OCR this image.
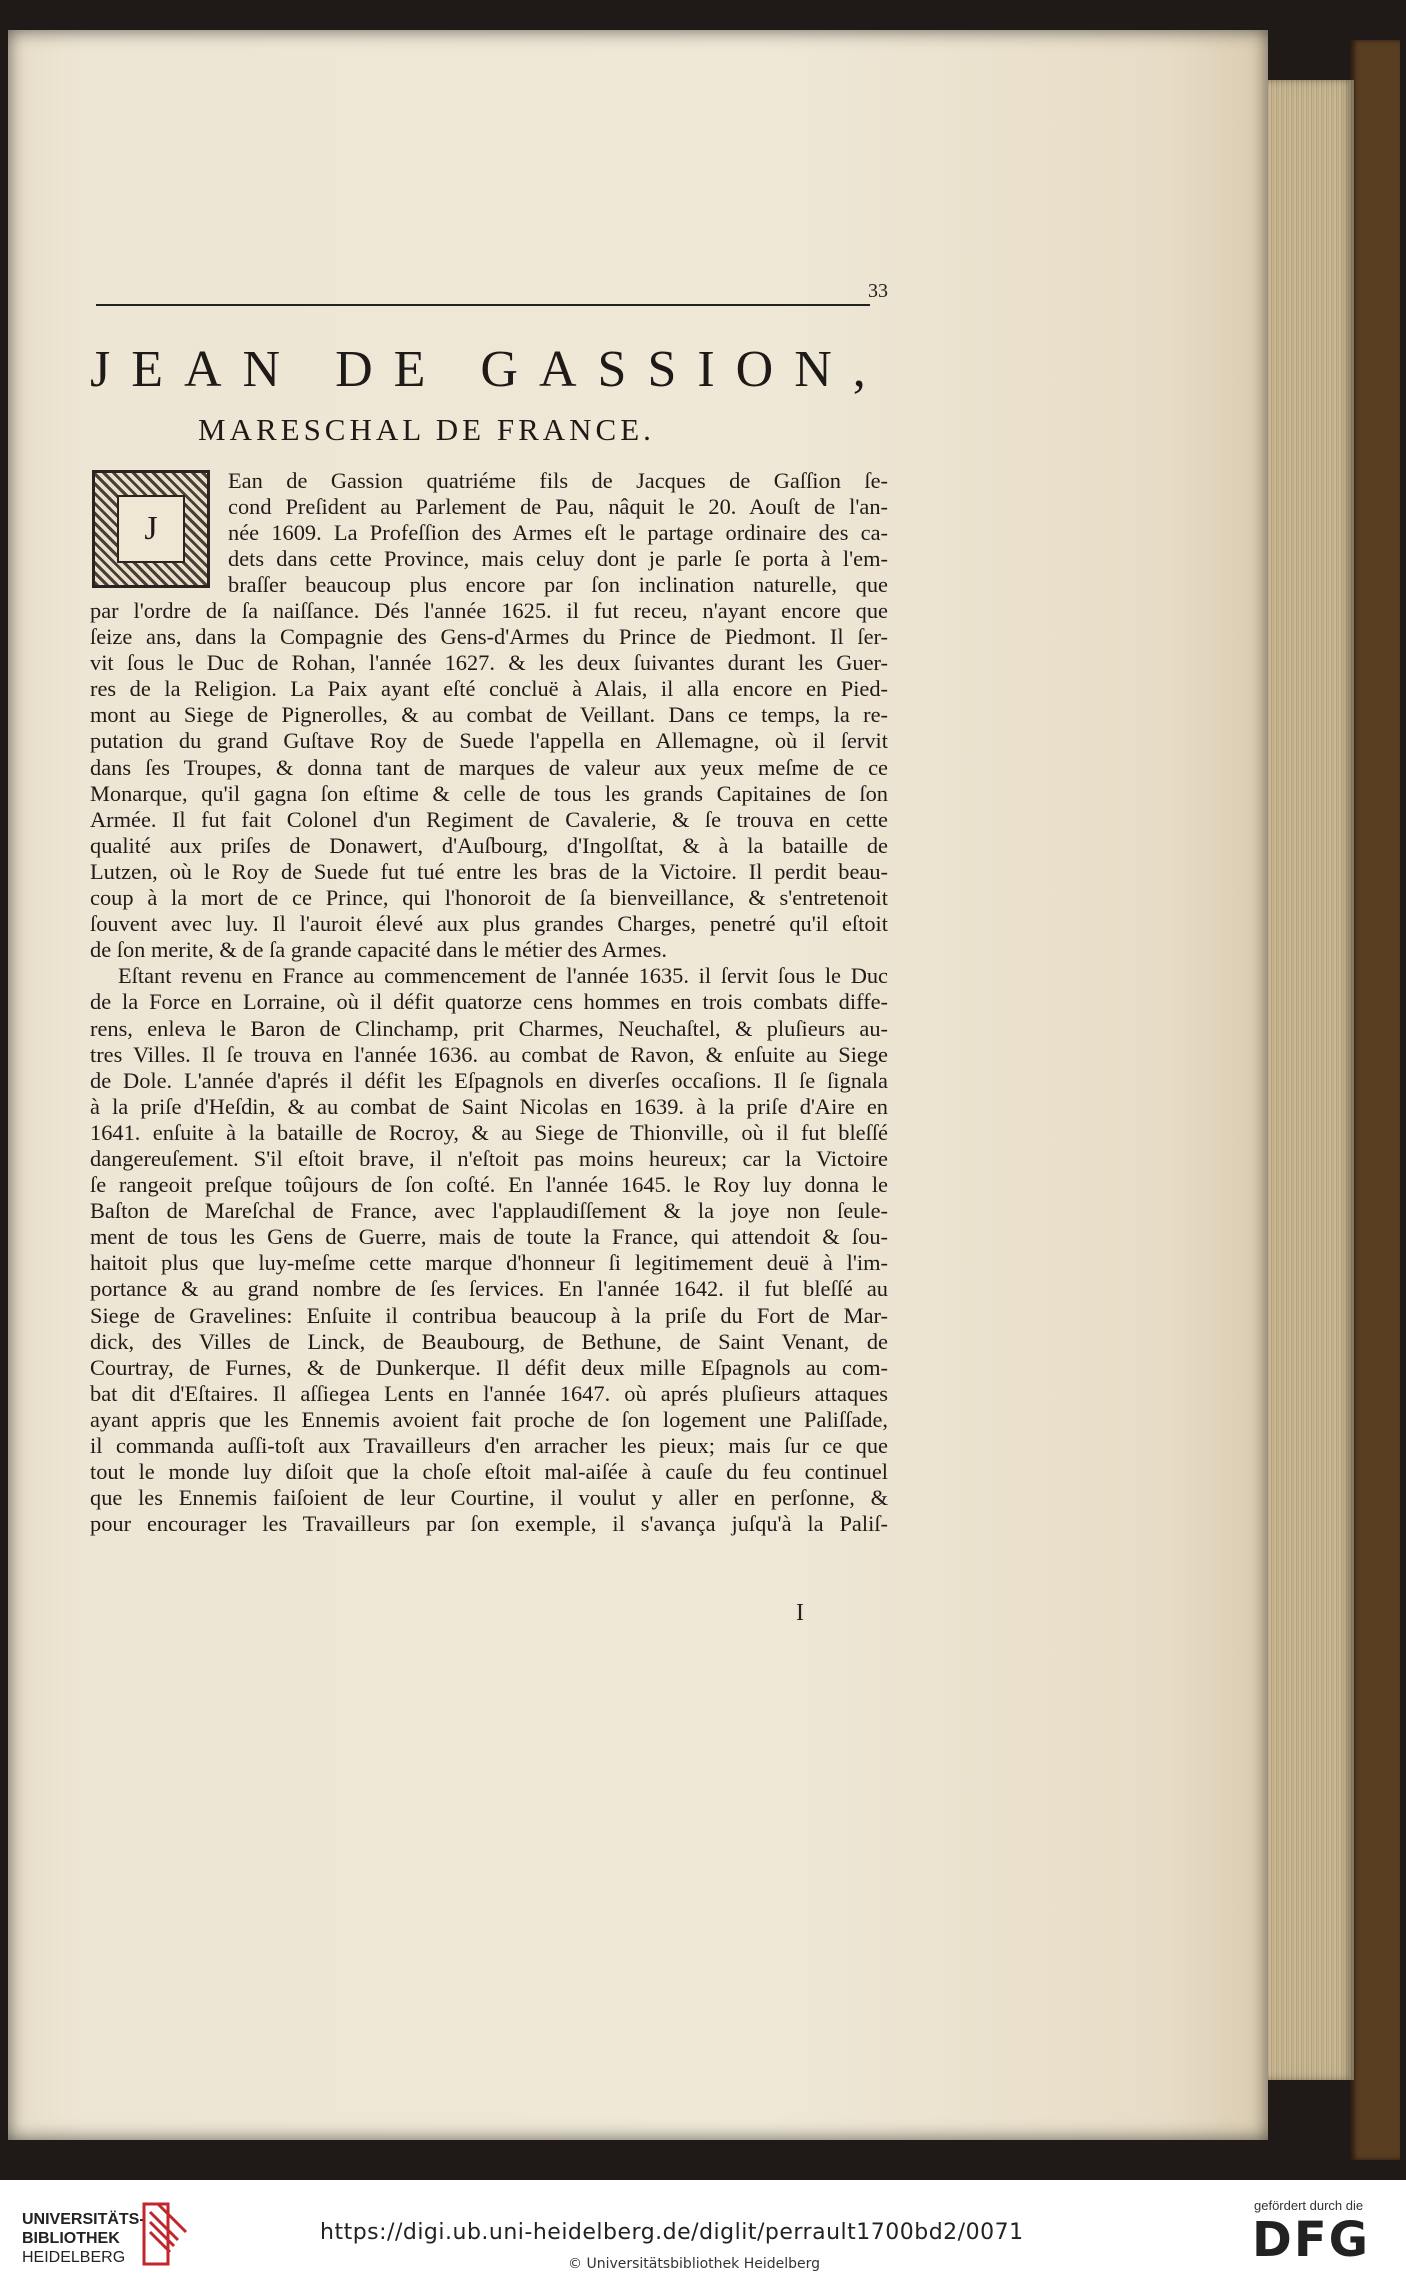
33
JEAN DE GASSION,
MARESCHAL DE FRANCE.
J
Ean de Gassion quatriéme fils de Jacques de Gaſſion ſe-
cond Preſident au Parlement de Pau, nâquit le 20. Aouſt de l'an-
née 1609. La Profeſſion des Armes eſt le partage ordinaire des ca-
dets dans cette Province, mais celuy dont je parle ſe porta à l'em-
braſſer beaucoup plus encore par ſon inclination naturelle, que
par l'ordre de ſa naiſſance. Dés l'année 1625. il fut receu, n'ayant encore que
ſeize ans, dans la Compagnie des Gens-d'Armes du Prince de Piedmont. Il ſer-
vit ſous le Duc de Rohan, l'année 1627. & les deux ſuivantes durant les Guer-
res de la Religion. La Paix ayant eſté concluë à Alais, il alla encore en Pied-
mont au Siege de Pignerolles, & au combat de Veillant. Dans ce temps, la re-
putation du grand Guſtave Roy de Suede l'appella en Allemagne, où il ſervit
dans ſes Troupes, & donna tant de marques de valeur aux yeux meſme de ce
Monarque, qu'il gagna ſon eſtime & celle de tous les grands Capitaines de ſon
Armée. Il fut fait Colonel d'un Regiment de Cavalerie, & ſe trouva en cette
qualité aux priſes de Donawert, d'Auſbourg, d'Ingolſtat, & à la bataille de
Lutzen, où le Roy de Suede fut tué entre les bras de la Victoire. Il perdit beau-
coup à la mort de ce Prince, qui l'honoroit de ſa bienveillance, & s'entretenoit
ſouvent avec luy. Il l'auroit élevé aux plus grandes Charges, penetré qu'il eſtoit
de ſon merite, & de ſa grande capacité dans le métier des Armes.
Eſtant revenu en France au commencement de l'année 1635. il ſervit ſous le Duc
de la Force en Lorraine, où il défit quatorze cens hommes en trois combats diffe-
rens, enleva le Baron de Clinchamp, prit Charmes, Neuchaſtel, & pluſieurs au-
tres Villes. Il ſe trouva en l'année 1636. au combat de Ravon, & enſuite au Siege
de Dole. L'année d'aprés il défit les Eſpagnols en diverſes occaſions. Il ſe ſignala
à la priſe d'Heſdin, & au combat de Saint Nicolas en 1639. à la priſe d'Aire en
1641. enſuite à la bataille de Rocroy, & au Siege de Thionville, où il fut bleſſé
dangereuſement. S'il eſtoit brave, il n'eſtoit pas moins heureux; car la Victoire
ſe rangeoit preſque toûjours de ſon coſté. En l'année 1645. le Roy luy donna le
Baſton de Mareſchal de France, avec l'applaudiſſement & la joye non ſeule-
ment de tous les Gens de Guerre, mais de toute la France, qui attendoit & ſou-
haitoit plus que luy-meſme cette marque d'honneur ſi legitimement deuë à l'im-
portance & au grand nombre de ſes ſervices. En l'année 1642. il fut bleſſé au
Siege de Gravelines: Enſuite il contribua beaucoup à la priſe du Fort de Mar-
dick, des Villes de Linck, de Beaubourg, de Bethune, de Saint Venant, de
Courtray, de Furnes, & de Dunkerque. Il défit deux mille Eſpagnols au com-
bat dit d'Eſtaires. Il aſſiegea Lents en l'année 1647. où aprés pluſieurs attaques
ayant appris que les Ennemis avoient fait proche de ſon logement une Paliſſade,
il commanda auſſi-toſt aux Travailleurs d'en arracher les pieux; mais ſur ce que
tout le monde luy diſoit que la choſe eſtoit mal-aiſée à cauſe du feu continuel
que les Ennemis faiſoient de leur Courtine, il voulut y aller en perſonne, &
pour encourager les Travailleurs par ſon exemple, il s'avança juſqu'à la Paliſ-
I
UNIVERSITÄTS-
BIBLIOTHEK
HEIDELBERG
https://digi.ub.uni-heidelberg.de/diglit/perrault1700bd2/0071
© Universitätsbibliothek Heidelberg
gefördert durch die
DFG
